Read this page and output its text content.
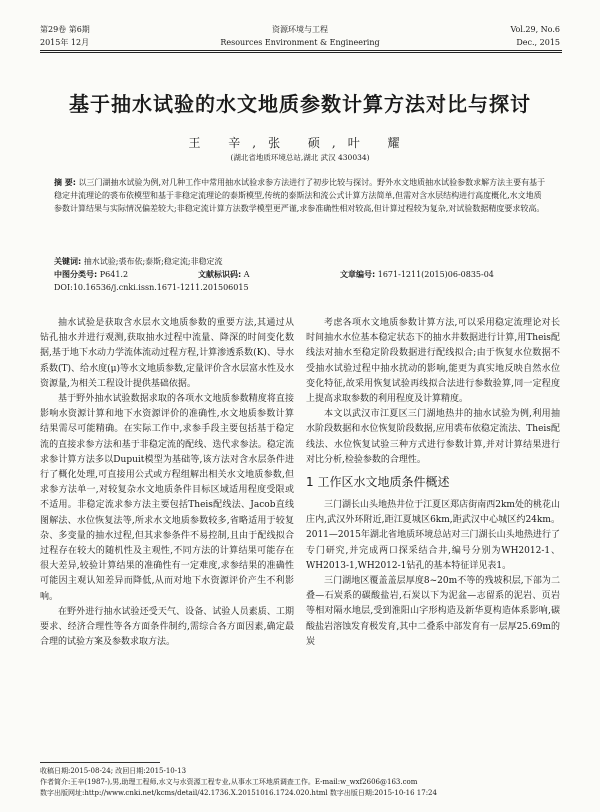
第29卷 第6期
2015年 12月
资源环境与工程
Resources Environment & Engineering
Vol.29, No.6
Dec., 2015
基于抽水试验的水文地质参数计算方法对比与探讨
王 辛,张 硕,叶 耀
(湖北省地质环境总站,湖北 武汉 430034)
摘 要: 以三门湖抽水试验为例,对几种工作中常用抽水试验求参方法进行了初步比较与探讨。野外水文地质抽水试验参数求解方法主要有基于稳定井流理论的裘布依模型和基于非稳定流理论的泰斯模型,传统的泰斯法和流公式计算方法简单,但需对含水层结构进行高度概化,水文地质参数计算结果与实际情况偏差较大;非稳定流计算方法数学模型更严谨,求参准确性相对较高,但计算过程较为复杂,对试验数据精度要求较高。
关键词: 抽水试验;裘布依;泰斯;稳定流;非稳定流
中图分类号: P641.2	文献标识码: A	文章编号: 1671-1211(2015)06-0835-04
DOI:10.16536/j.cnki.issn.1671-1211.201506015

抽水试验是获取含水层水文地质参数的重要方法,其通过从钻孔抽水并进行观测,获取抽水过程中流量、降深的时间变化数据,基于地下水动力学流体流动过程方程,计算渗透系数(K)、导水系数(T)、给水度(μ)等水文地质参数,定量评价含水层富水性及水资源量,为相关工程设计提供基础依据。

基于野外抽水试验数据求取的各项水文地质参数精度将直接影响水资源计算和地下水资源评价的准确性,水文地质参数计算结果需尽可能精确。在实际工作中,求参手段主要包括基于稳定流的直接求参方法和基于非稳定流的配线、迭代求参法。稳定流求参计算方法多以Dupuit模型为基础等,该方法对含水层条件进行了概化处理,可直接用公式或方程组解出相关水文地质参数,但求参方法单一,对较复杂水文地质条件目标区域适用程度受限或不适用。非稳定流求参方法主要包括Theis配线法、Jacob直线图解法、水位恢复法等,所求水文地质参数较多,省略适用于较复杂、多变量的抽水过程,但其求参条件不易控制,且由于配线拟合过程存在较大的随机性及主观性,不同方法的计算结果可能存在很大差异,较验计算结果的准确性有一定难度,求参结果的准确性可能因主观认知差异而降低,从而对地下水资源评价产生不利影响。

在野外进行抽水试验还受天气、设备、试验人员素质、工期要求、经济合理性等各方面条件制约,需综合各方面因素,确定最合理的试验方案及参数求取方法。

考虑各项水文地质参数计算方法,可以采用稳定流理论对长时间抽水水位基本稳定状态下的抽水井数据进行计算,用Theis配线法对抽水至稳定阶段数据进行配线拟合;由于恢复水位数据不受抽水试验过程中抽水扰动的影响,能更为真实地反映自然水位变化特征,故采用恢复试验再线拟合法进行参数验算,同一定程度上提高求取参数的利用程度及计算精度。

本文以武汉市江夏区三门湖地热井的抽水试验为例,利用抽水阶段数据和水位恢复阶段数据,应用裘布依稳定流法、Theis配线法、水位恢复试验三种方式进行参数计算,并对计算结果进行对比分析,检验参数的合理性。

1 工作区水文地质条件概述

三门湖长山头地热井位于江夏区郑店街南西2km处的桃花山庄内,武汉外环附近,距江夏城区6km,距武汉中心城区约24km。2011—2015年湖北省地质环境总站对三门湖长山头地热进行了专门研究,并完成两口探采结合井,编号分别为WH2012-1、WH2013-1,WH2012-1钻孔的基本特征详见表1。

三门湖地区覆盖盖层厚度8~20m不等的残坡积层,下部为二叠—石炭系的碳酸盐岩,石炭以下为泥盆—志留系的泥岩、页岩等相对隔水地层,受到淮阳山字形构造及新华夏构造体系影响,碳酸盐岩溶蚀发育极发育,其中二叠系中部发育有一层厚25.69m的炭

收稿日期:2015-08-24; 改回日期:2015-10-13
作者简介:王辛(1987-),男,助理工程师,水文与水资源工程专业,从事水工环地质调查工作。E-mail:w_wxf2606@163.com
数字出版网址:http://www.cnki.net/kcms/detail/42.1736.X.20151016.1724.020.html 数字出版日期:2015-10-16 17:24
